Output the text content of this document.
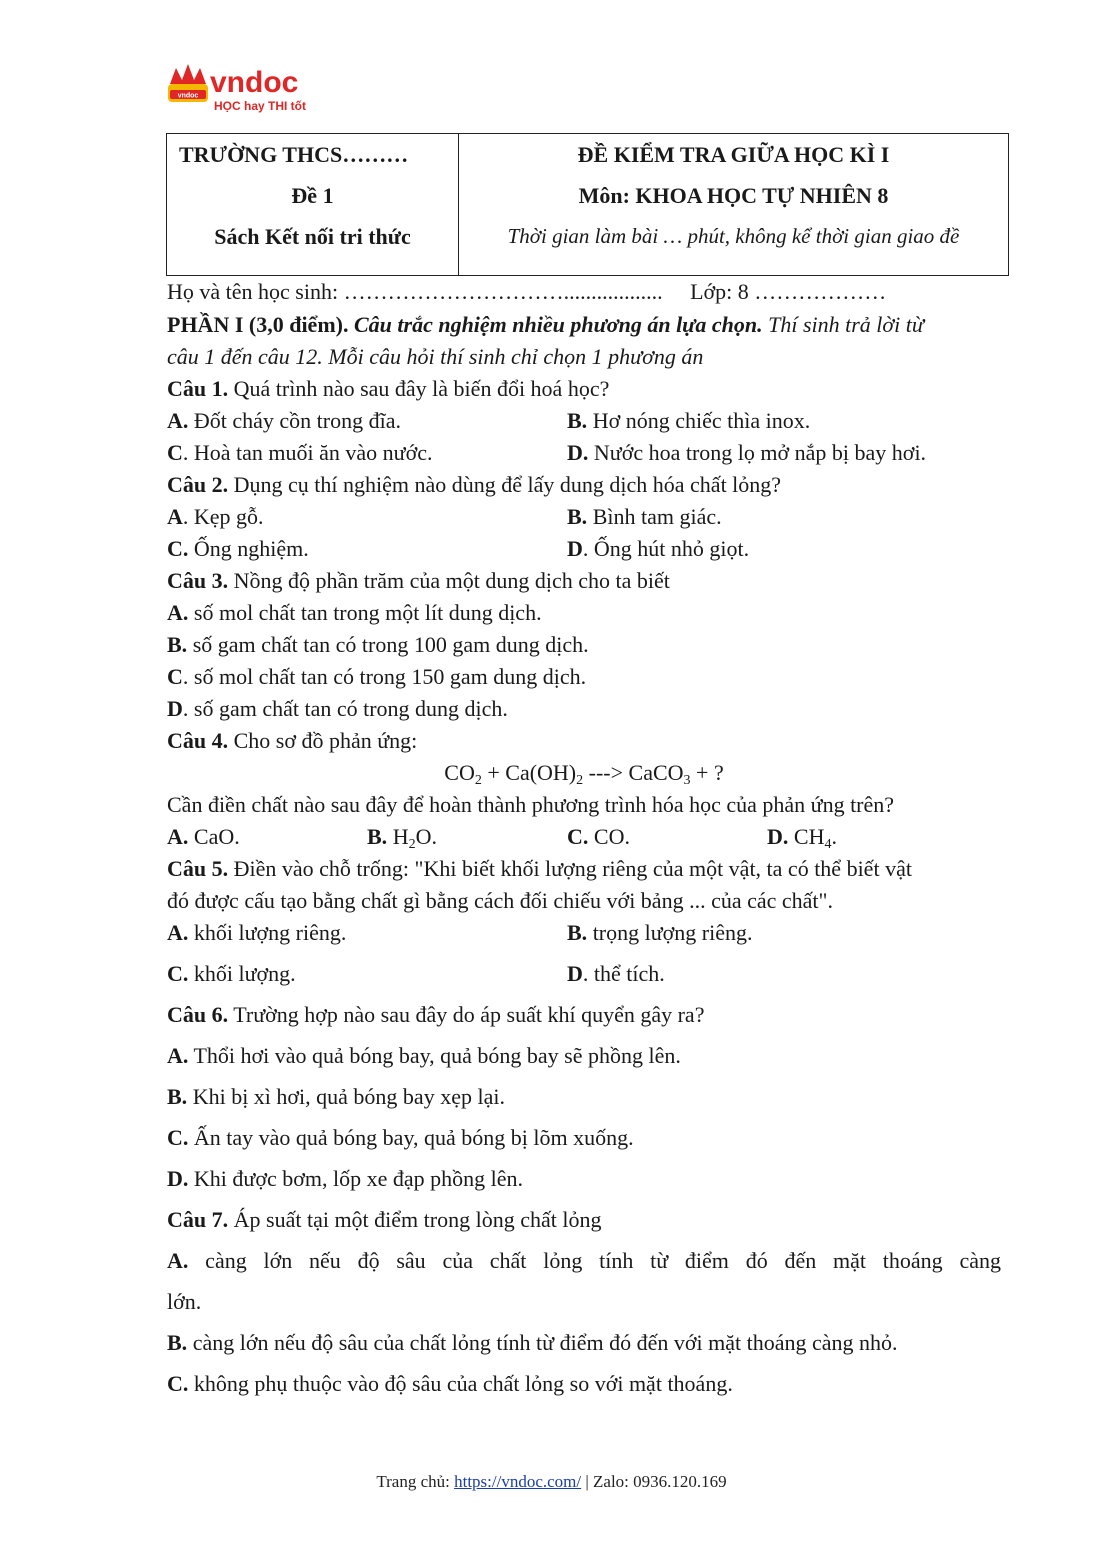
vndoc vndoc
HỌC hay THI tốt
TRƯỜNG THCS………
Đề 1
Sách Kết nối tri thức
ĐỀ KIỂM TRA GIỮA HỌC KÌ I
Môn: KHOA HỌC TỰ NHIÊN 8
Thời gian làm bài … phút, không kể thời gian giao đề
Họ và tên học sinh: ………………………….................. Lớp: 8 ………………
PHẦN I (3,0 điểm). Câu trắc nghiệm nhiều phương án lựa chọn. Thí sinh trả lời từ
câu 1 đến câu 12. Mỗi câu hỏi thí sinh chỉ chọn 1 phương án
Câu 1. Quá trình nào sau đây là biến đổi hoá học?
A. Đốt cháy cồn trong đĩa.	B. Hơ nóng chiếc thìa inox.
C. Hoà tan muối ăn vào nước.	D. Nước hoa trong lọ mở nắp bị bay hơi.
Câu 2. Dụng cụ thí nghiệm nào dùng để lấy dung dịch hóa chất lỏng?
A. Kẹp gỗ.	B. Bình tam giác.
C. Ống nghiệm.	D. Ống hút nhỏ giọt.
Câu 3. Nồng độ phần trăm của một dung dịch cho ta biết
A. số mol chất tan trong một lít dung dịch.
B. số gam chất tan có trong 100 gam dung dịch.
C. số mol chất tan có trong 150 gam dung dịch.
D. số gam chất tan có trong dung dịch.
Câu 4. Cho sơ đồ phản ứng:
$CO_2 + Ca(OH)_2$ ---> CaCO$_3$ + ?
Cần điền chất nào sau đây để hoàn thành phương trình hóa học của phản ứng trên?
A. CaO.	B. $H_2O$.	C. CO.	D. $CH_4$.
Câu 5. Điền vào chỗ trống: "Khi biết khối lượng riêng của một vật, ta có thể biết vật
đó được cấu tạo bằng chất gì bằng cách đối chiếu với bảng ... của các chất".
A. khối lượng riêng.	B. trọng lượng riêng.
C. khối lượng.	D. thể tích.
Câu 6. Trường hợp nào sau đây do áp suất khí quyển gây ra?
A. Thổi hơi vào quả bóng bay, quả bóng bay sẽ phồng lên.
B. Khi bị xì hơi, quả bóng bay xẹp lại.
C. Ấn tay vào quả bóng bay, quả bóng bị lõm xuống.
D. Khi được bơm, lốp xe đạp phồng lên.
Câu 7. Áp suất tại một điểm trong lòng chất lỏng
A. càng lớn nếu độ sâu của chất lỏng tính từ điểm đó đến mặt thoáng càng
lớn.
B. càng lớn nếu độ sâu của chất lỏng tính từ điểm đó đến với mặt thoáng càng nhỏ.
C. không phụ thuộc vào độ sâu của chất lỏng so với mặt thoáng.
Trang chủ: https://vndoc.com/ | Zalo: 0936.120.169
